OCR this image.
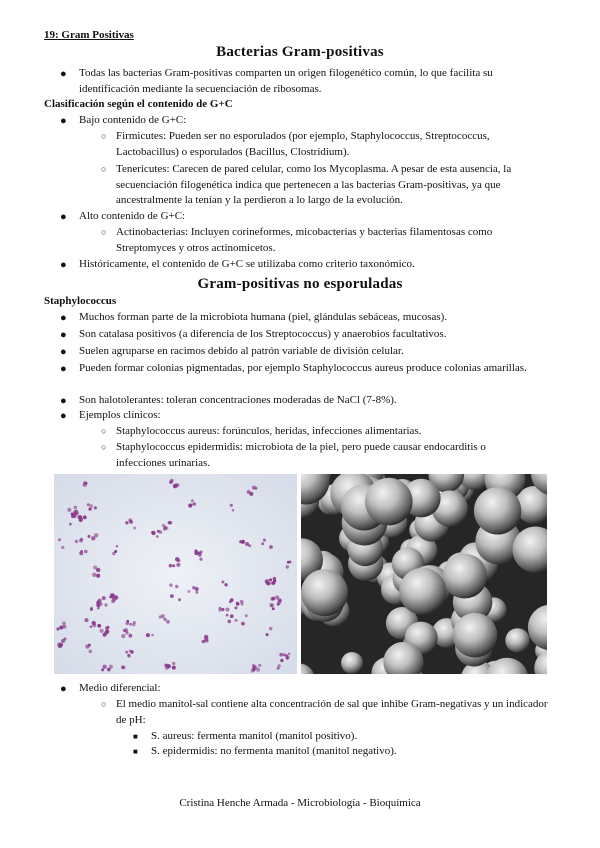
19: Gram Positivas
Bacterias Gram-positivas
● Todas las bacterias Gram-positivas comparten un origen filogenético común, lo que facilita su identificación mediante la secuenciación de ribosomas.
Clasificación según el contenido de G+C
● Bajo contenido de G+C:
○ Firmicutes: Pueden ser no esporulados (por ejemplo, Staphylococcus, Streptococcus, Lactobacillus) o esporulados (Bacillus, Clostridium).
○ Tenericutes: Carecen de pared celular, como los Mycoplasma. A pesar de esta ausencia, la secuenciación filogenética indica que pertenecen a las bacterias Gram-positivas, ya que ancestralmente la tenían y la perdieron a lo largo de la evolución.
● Alto contenido de G+C:
○ Actinobacterias: Incluyen corineformes, micobacterias y bacterias filamentosas como Streptomyces y otros actinomicetos.
● Históricamente, el contenido de G+C se utilizaba como criterio taxonómico.
Gram-positivas no esporuladas
Staphylococcus
● Muchos forman parte de la microbiota humana (piel, glándulas sebáceas, mucosas).
● Son catalasa positivos (a diferencia de los Streptococcus) y anaerobios facultativos.
● Suelen agruparse en racimos debido al patrón variable de división celular.
● Pueden formar colonias pigmentadas, por ejemplo Staphylococcus aureus produce colonias amarillas.
● Son halotolerantes: toleran concentraciones moderadas de NaCl (7-8%).
● Ejemplos clínicos:
○ Staphylococcus aureus: forúnculos, heridas, infecciones alimentarias.
○ Staphylococcus epidermidis: microbiota de la piel, pero puede causar endocarditis o infecciones urinarias.
● Medio diferencial:
○ El medio manitol-sal contiene alta concentración de sal que inhibe Gram-negativas y un indicador de pH:
■ S. aureus: fermenta manitol (manitol positivo).
■ S. epidermidis: no fermenta manitol (manitol negativo).
Cristina Henche Armada - Microbiología - Bioquímica
